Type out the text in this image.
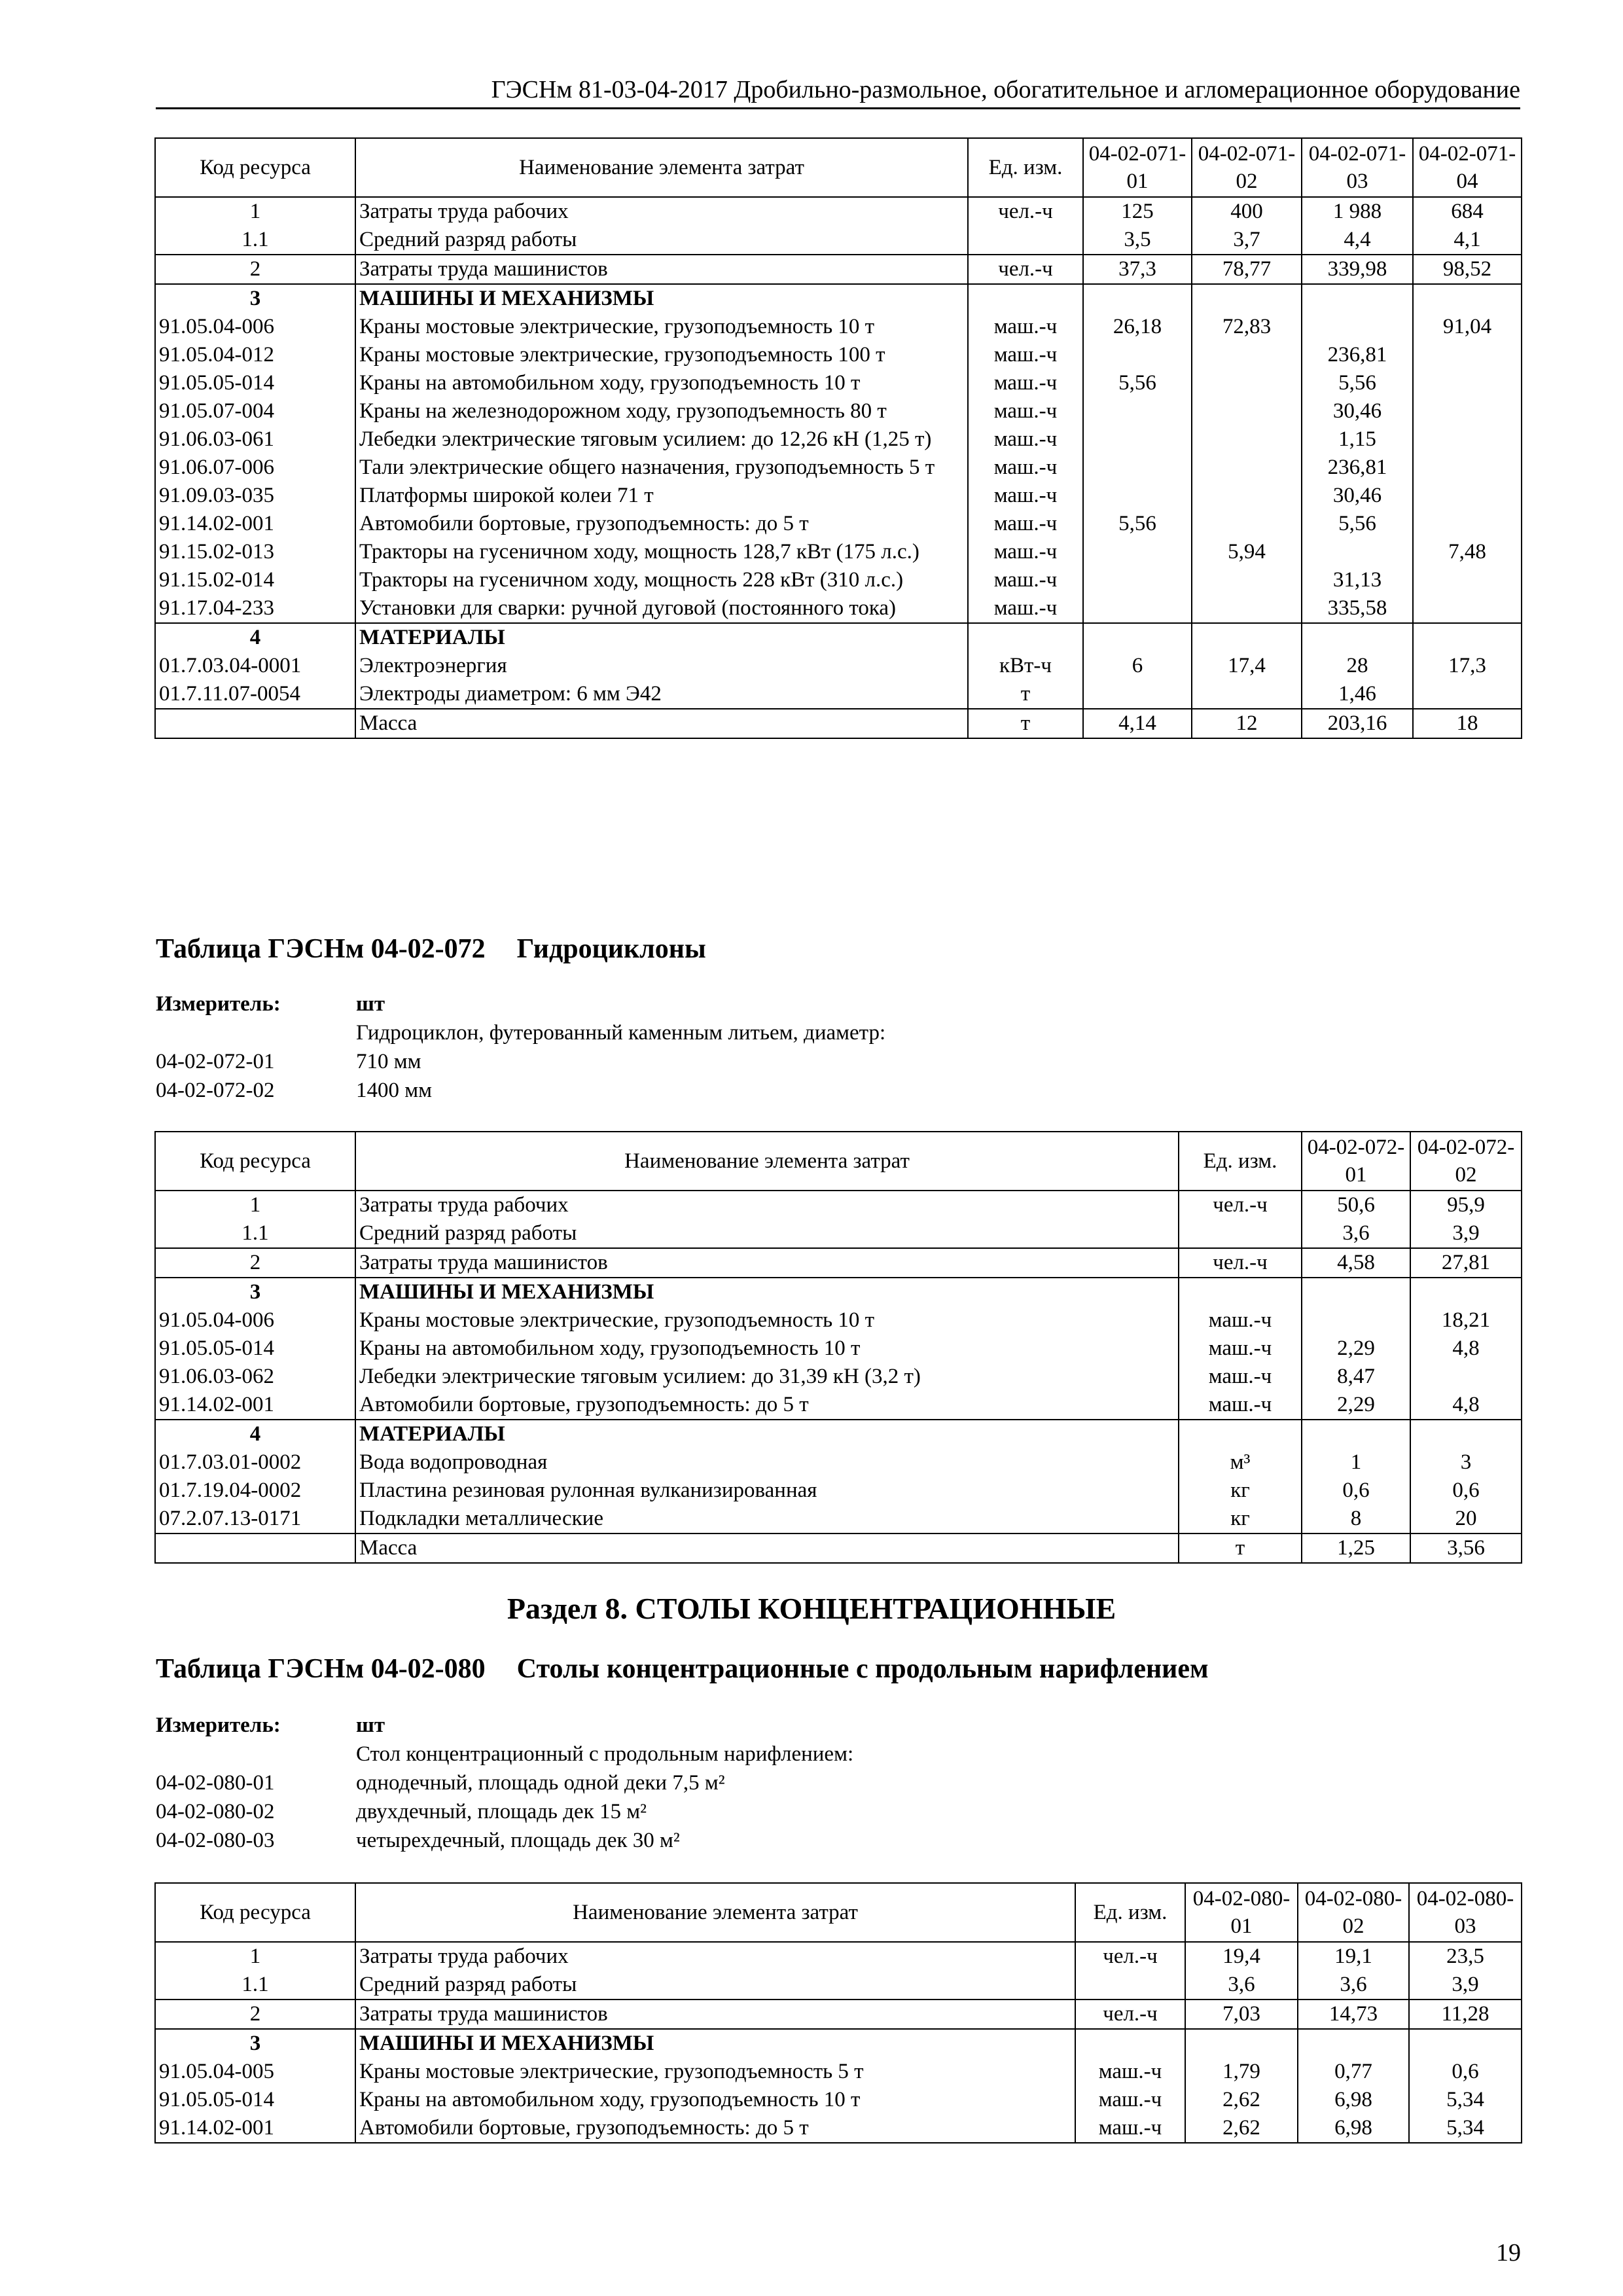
ГЭСНм 81-03-04-2017 Дробильно-размольное, обогатительное и агломерационное оборудование
Код ресурса	Наименование элемента затрат	Ед. изм.	04-02-071-01	04-02-071-02	04-02-071-03	04-02-071-04
1	Затраты труда рабочих	чел.-ч	125	400	1 988	684
1.1	Средний разряд работы		3,5	3,7	4,4	4,1
2	Затраты труда машинистов	чел.-ч	37,3	78,77	339,98	98,52
3	МАШИНЫ И МЕХАНИЗМЫ					
91.05.04-006	Краны мостовые электрические, грузоподъемность 10 т	маш.-ч	26,18	72,83		91,04
91.05.04-012	Краны мостовые электрические, грузоподъемность 100 т	маш.-ч			236,81	
91.05.05-014	Краны на автомобильном ходу, грузоподъемность 10 т	маш.-ч	5,56		5,56	
91.05.07-004	Краны на железнодорожном ходу, грузоподъемность 80 т	маш.-ч			30,46	
91.06.03-061	Лебедки электрические тяговым усилием: до 12,26 кН (1,25 т)	маш.-ч			1,15	
91.06.07-006	Тали электрические общего назначения, грузоподъемность 5 т	маш.-ч			236,81	
91.09.03-035	Платформы широкой колеи 71 т	маш.-ч			30,46	
91.14.02-001	Автомобили бортовые, грузоподъемность: до 5 т	маш.-ч	5,56		5,56	
91.15.02-013	Тракторы на гусеничном ходу, мощность 128,7 кВт (175 л.с.)	маш.-ч		5,94		7,48
91.15.02-014	Тракторы на гусеничном ходу, мощность 228 кВт (310 л.с.)	маш.-ч			31,13	
91.17.04-233	Установки для сварки: ручной дуговой (постоянного тока)	маш.-ч			335,58	
4	МАТЕРИАЛЫ					
01.7.03.04-0001	Электроэнергия	кВт-ч	6	17,4	28	17,3
01.7.11.07-0054	Электроды диаметром: 6 мм Э42	т			1,46	
	Масса	т	4,14	12	203,16	18
Таблица ГЭСНм 04-02-072 Гидроциклоны
Измеритель:	шт
Гидроциклон, футерованный каменным литьем, диаметр:
04-02-072-01	710 мм
04-02-072-02	1400 мм
Код ресурса	Наименование элемента затрат	Ед. изм.	04-02-072-01	04-02-072-02
1	Затраты труда рабочих	чел.-ч	50,6	95,9
1.1	Средний разряд работы		3,6	3,9
2	Затраты труда машинистов	чел.-ч	4,58	27,81
3	МАШИНЫ И МЕХАНИЗМЫ			
91.05.04-006	Краны мостовые электрические, грузоподъемность 10 т	маш.-ч		18,21
91.05.05-014	Краны на автомобильном ходу, грузоподъемность 10 т	маш.-ч	2,29	4,8
91.06.03-062	Лебедки электрические тяговым усилием: до 31,39 кН (3,2 т)	маш.-ч	8,47	
91.14.02-001	Автомобили бортовые, грузоподъемность: до 5 т	маш.-ч	2,29	4,8
4	МАТЕРИАЛЫ			
01.7.03.01-0002	Вода водопроводная	м³	1	3
01.7.19.04-0002	Пластина резиновая рулонная вулканизированная	кг	0,6	0,6
07.2.07.13-0171	Подкладки металлические	кг	8	20
	Масса	т	1,25	3,56
Раздел 8. СТОЛЫ КОНЦЕНТРАЦИОННЫЕ
Таблица ГЭСНм 04-02-080 Столы концентрационные с продольным нарифлением
Измеритель:	шт
Стол концентрационный с продольным нарифлением:
04-02-080-01	однодечный, площадь одной деки 7,5 м²
04-02-080-02	двухдечный, площадь дек 15 м²
04-02-080-03	четырехдечный, площадь дек 30 м²
Код ресурса	Наименование элемента затрат	Ед. изм.	04-02-080-01	04-02-080-02	04-02-080-03
1	Затраты труда рабочих	чел.-ч	19,4	19,1	23,5
1.1	Средний разряд работы		3,6	3,6	3,9
2	Затраты труда машинистов	чел.-ч	7,03	14,73	11,28
3	МАШИНЫ И МЕХАНИЗМЫ				
91.05.04-005	Краны мостовые электрические, грузоподъемность 5 т	маш.-ч	1,79	0,77	0,6
91.05.05-014	Краны на автомобильном ходу, грузоподъемность 10 т	маш.-ч	2,62	6,98	5,34
91.14.02-001	Автомобили бортовые, грузоподъемность: до 5 т	маш.-ч	2,62	6,98	5,34
19
